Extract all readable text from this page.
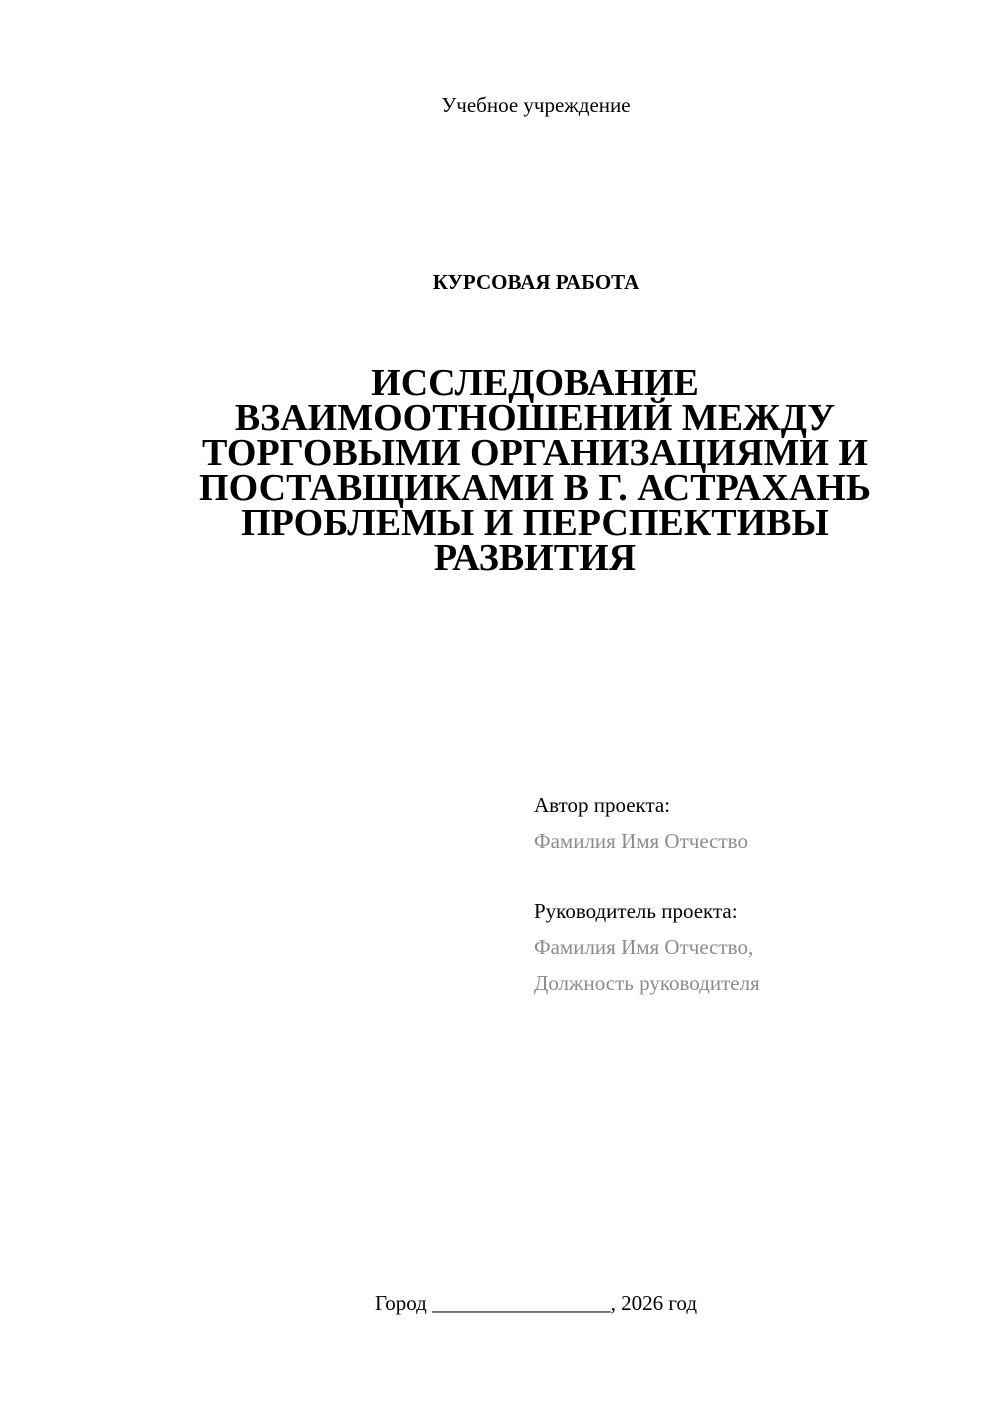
Учебное учреждение
КУРСОВАЯ РАБОТА
ИССЛЕДОВАНИЕ
ВЗАИМООТНОШЕНИЙ МЕЖДУ
ТОРГОВЫМИ ОРГАНИЗАЦИЯМИ И
ПОСТАВЩИКАМИ В Г. АСТРАХАНЬ
ПРОБЛЕМЫ И ПЕРСПЕКТИВЫ
РАЗВИТИЯ
Автор проекта:
Фамилия Имя Отчество
Руководитель проекта:
Фамилия Имя Отчество,
Должность руководителя
Город _________________, 2026 год
